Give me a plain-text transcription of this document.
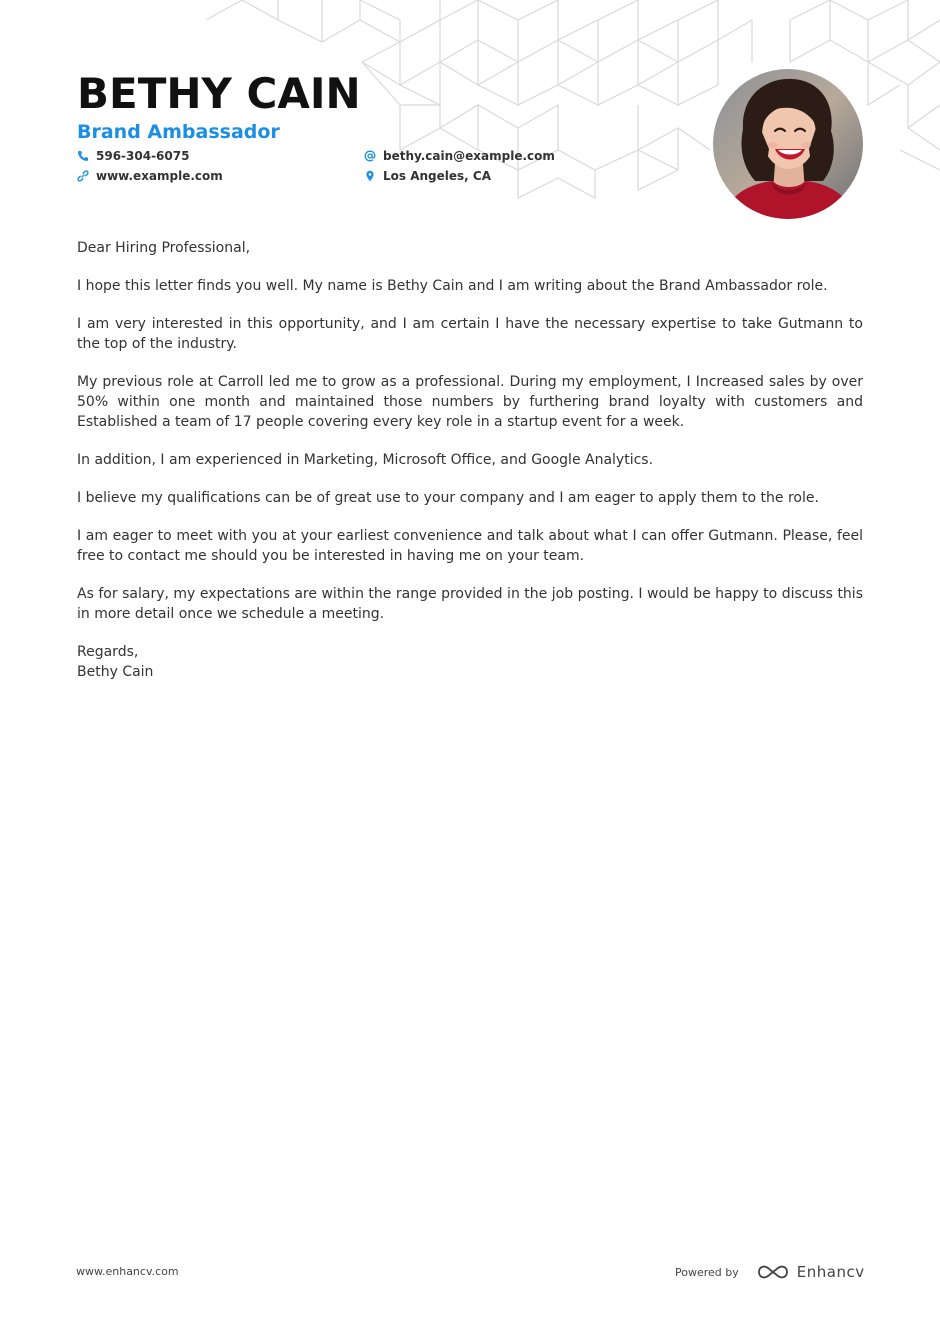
BETHY CAIN
Brand Ambassador
596-304-6075
www.example.com
bethy.cain@example.com
Los Angeles, CA

Dear Hiring Professional,

I hope this letter finds you well. My name is Bethy Cain and I am writing about the Brand Ambassador role.

I am very interested in this opportunity, and I am certain I have the necessary expertise to take Gutmann to the top of the industry.

My previous role at Carroll led me to grow as a professional. During my employment, I Increased sales by over 50% within one month and maintained those numbers by furthering brand loyalty with customers and Established a team of 17 people covering every key role in a startup event for a week.

In addition, I am experienced in Marketing, Microsoft Office, and Google Analytics.

I believe my qualifications can be of great use to your company and I am eager to apply them to the role.

I am eager to meet with you at your earliest convenience and talk about what I can offer Gutmann. Please, feel free to contact me should you be interested in having me on your team.

As for salary, my expectations are within the range provided in the job posting. I would be happy to discuss this in more detail once we schedule a meeting.

Regards,

Bethy Cain

www.enhancv.com	Powered by	Enhancv
